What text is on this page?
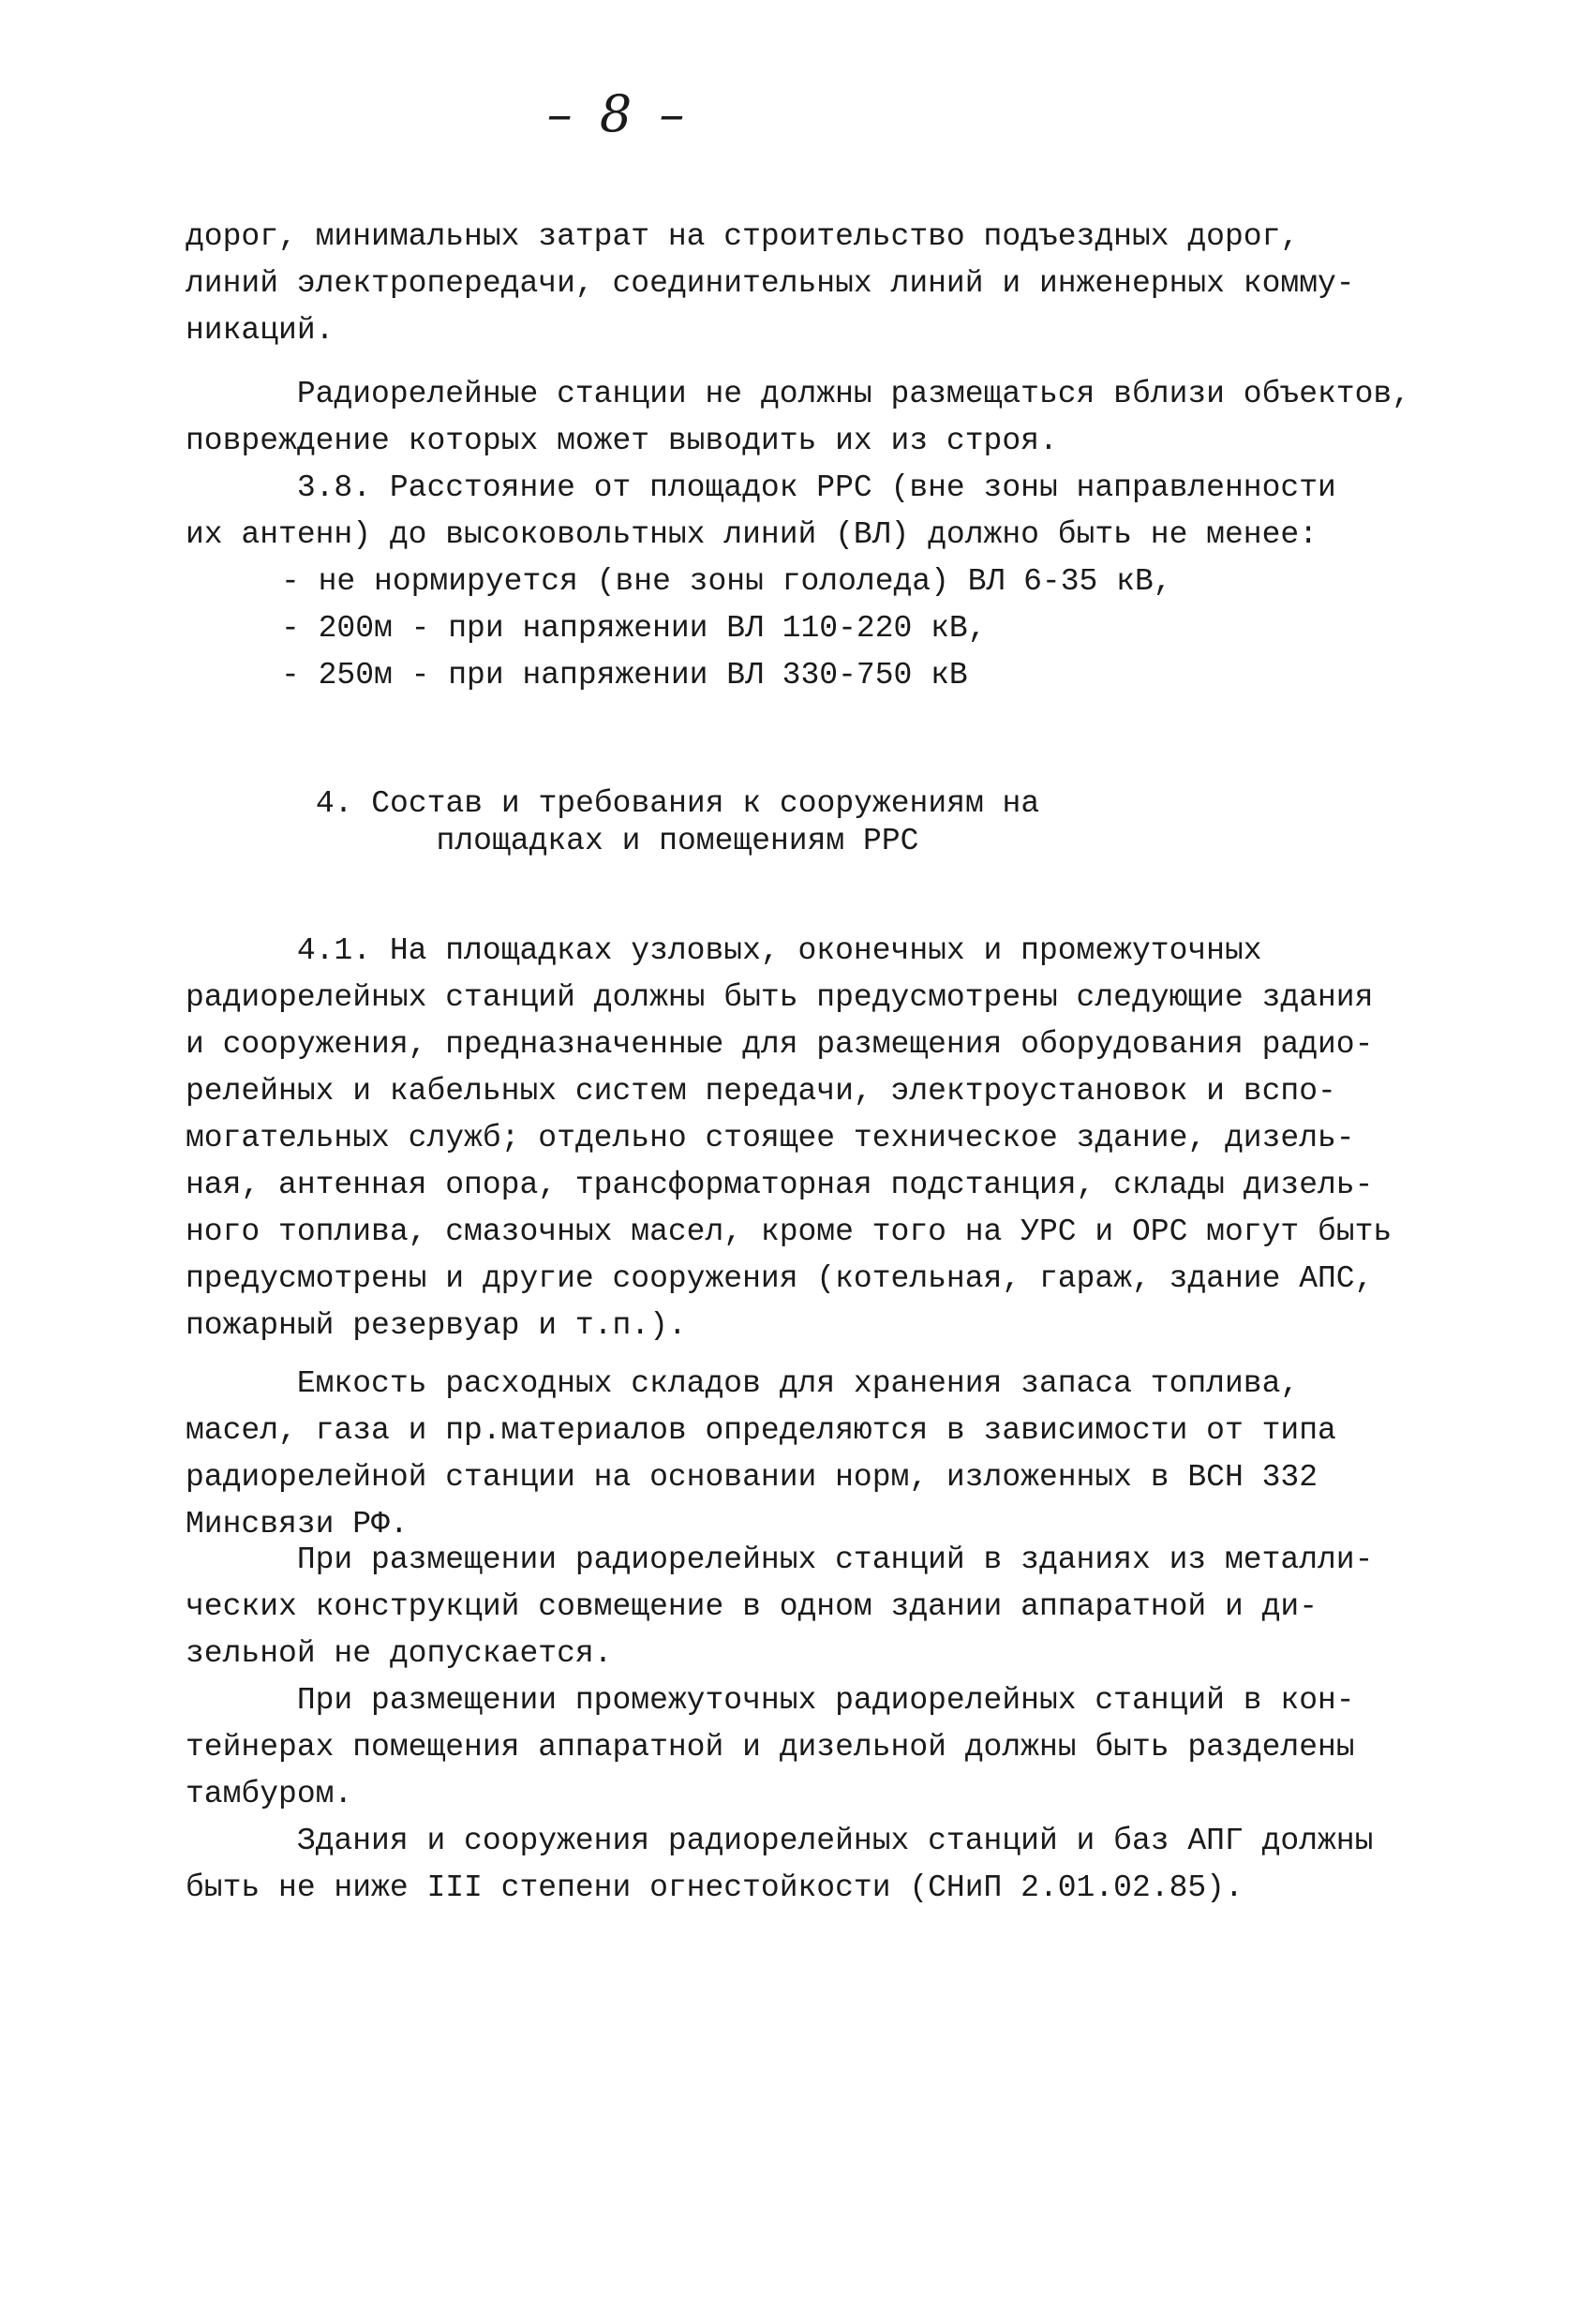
– 8 –
дорог, минимальных затрат на строительство подъездных дорог,
линий электропередачи, соединительных линий и инженерных комму-
никаций.
Радиорелейные станции не должны размещаться вблизи объектов,
повреждение которых может выводить их из строя.
3.8. Расстояние от площадок РРС (вне зоны направленности
их антенн) до высоковольтных линий (ВЛ) должно быть не менее:
- не нормируется (вне зоны гололеда) ВЛ 6-35 кВ,
- 200м - при напряжении ВЛ 110-220 кВ,
- 250м - при напряжении ВЛ 330-750 кВ
4. Состав и требования к сооружениям на
площадках и помещениям РРС
4.1. На площадках узловых, оконечных и промежуточных
радиорелейных станций должны быть предусмотрены следующие здания
и сооружения, предназначенные для размещения оборудования радио-
релейных и кабельных систем передачи, электроустановок и вспо-
могательных служб; отдельно стоящее техническое здание, дизель-
ная, антенная опора, трансформаторная подстанция, склады дизель-
ного топлива, смазочных масел, кроме того на УРС и ОРС могут быть
предусмотрены и другие сооружения (котельная, гараж, здание АПС,
пожарный резервуар и т.п.).
Емкость расходных складов для хранения запаса топлива,
масел, газа и пр.материалов определяются в зависимости от типа
радиорелейной станции на основании норм, изложенных в ВСН 332
Минсвязи РФ.
При размещении радиорелейных станций в зданиях из металли-
ческих конструкций совмещение в одном здании аппаратной и ди-
зельной не допускается.
При размещении промежуточных радиорелейных станций в кон-
тейнерах помещения аппаратной и дизельной должны быть разделены
тамбуром.
Здания и сооружения радиорелейных станций и баз АПГ должны
быть не ниже III степени огнестойкости (СНиП 2.01.02.85).
